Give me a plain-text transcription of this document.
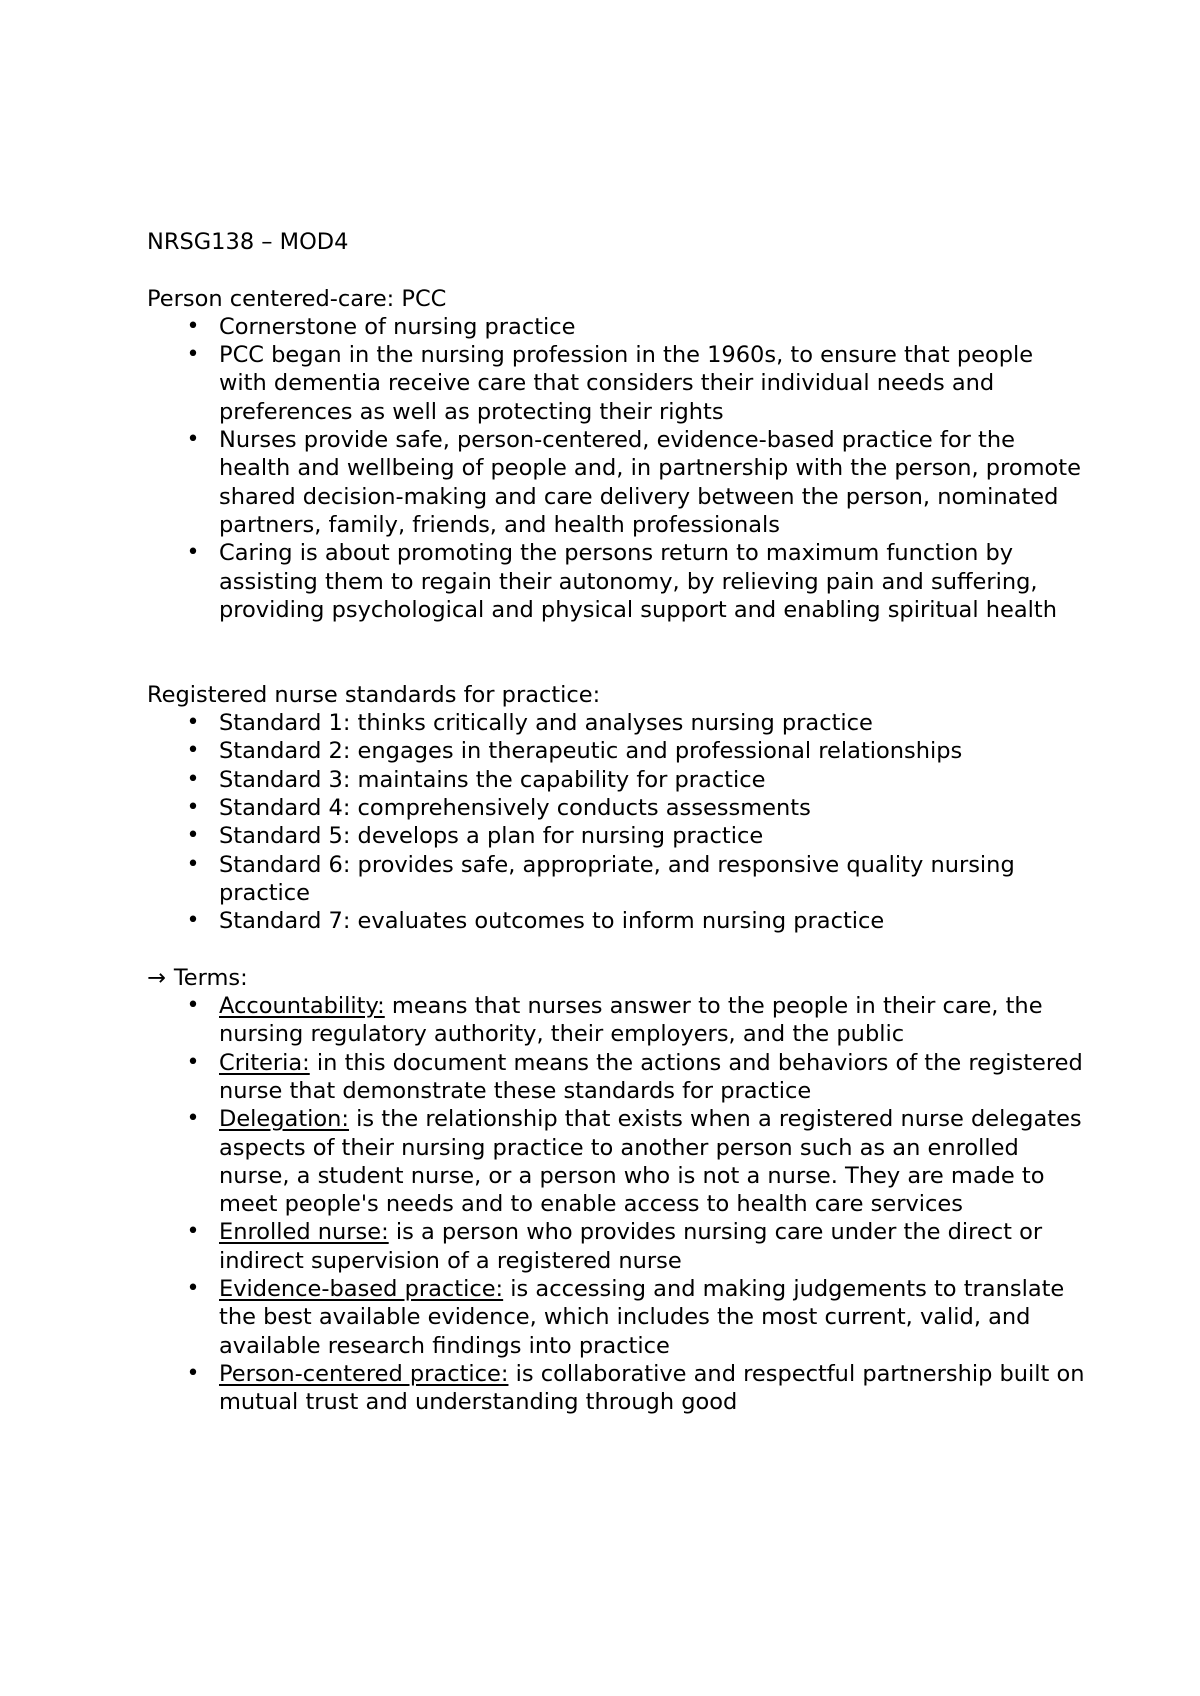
NRSG138 – MOD4

Person centered-care: PCC

• Cornerstone of nursing practice
• PCC began in the nursing profession in the 1960s, to ensure that people with dementia receive care that considers their individual needs and preferences as well as protecting their rights
• Nurses provide safe, person-centered, evidence-based practice for the health and wellbeing of people and, in partnership with the person, promote shared decision-making and care delivery between the person, nominated partners, family, friends, and health professionals
• Caring is about promoting the persons return to maximum function by assisting them to regain their autonomy, by relieving pain and suffering, providing psychological and physical support and enabling spiritual health

Registered nurse standards for practice:

• Standard 1: thinks critically and analyses nursing practice
• Standard 2: engages in therapeutic and professional relationships
• Standard 3: maintains the capability for practice
• Standard 4: comprehensively conducts assessments
• Standard 5: develops a plan for nursing practice
• Standard 6: provides safe, appropriate, and responsive quality nursing practice
• Standard 7: evaluates outcomes to inform nursing practice

→ Terms:

• Accountability: means that nurses answer to the people in their care, the nursing regulatory authority, their employers, and the public
• Criteria: in this document means the actions and behaviors of the registered nurse that demonstrate these standards for practice
• Delegation: is the relationship that exists when a registered nurse delegates aspects of their nursing practice to another person such as an enrolled nurse, a student nurse, or a person who is not a nurse. They are made to meet people's needs and to enable access to health care services
• Enrolled nurse: is a person who provides nursing care under the direct or indirect supervision of a registered nurse
• Evidence-based practice: is accessing and making judgements to translate the best available evidence, which includes the most current, valid, and available research findings into practice
• Person-centered practice: is collaborative and respectful partnership built on mutual trust and understanding through good
